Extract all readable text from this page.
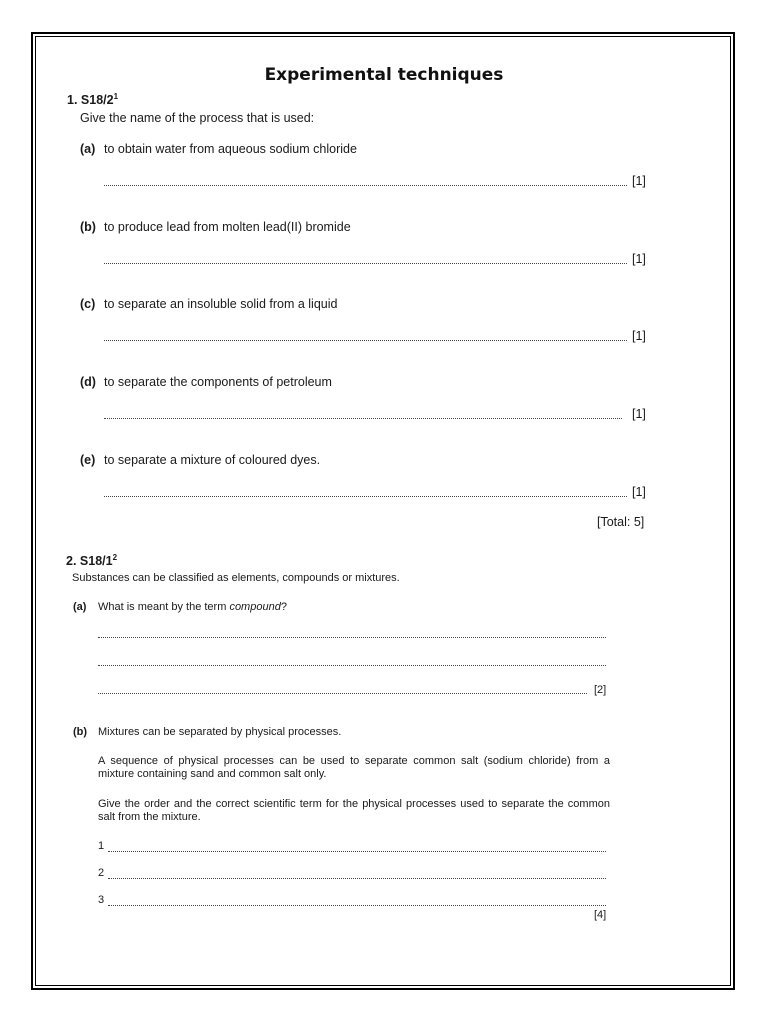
Experimental techniques
1. $S18/2^1$
Give the name of the process that is used:
(a) to obtain water from aqueous sodium chloride
[1]
(b) to produce lead from molten lead(II) bromide
[1]
(c) to separate an insoluble solid from a liquid
[1]
(d) to separate the components of petroleum
[1]
(e) to separate a mixture of coloured dyes.
[1]
[Total: 5]
2. $S18/1^2$
Substances can be classified as elements, compounds or mixtures.
(a) What is meant by the term compound?
[2]
(b) Mixtures can be separated by physical processes.
A sequence of physical processes can be used to separate common salt (sodium chloride) from a mixture containing sand and common salt only.
Give the order and the correct scientific term for the physical processes used to separate the common salt from the mixture.
1
2
3
[4]
